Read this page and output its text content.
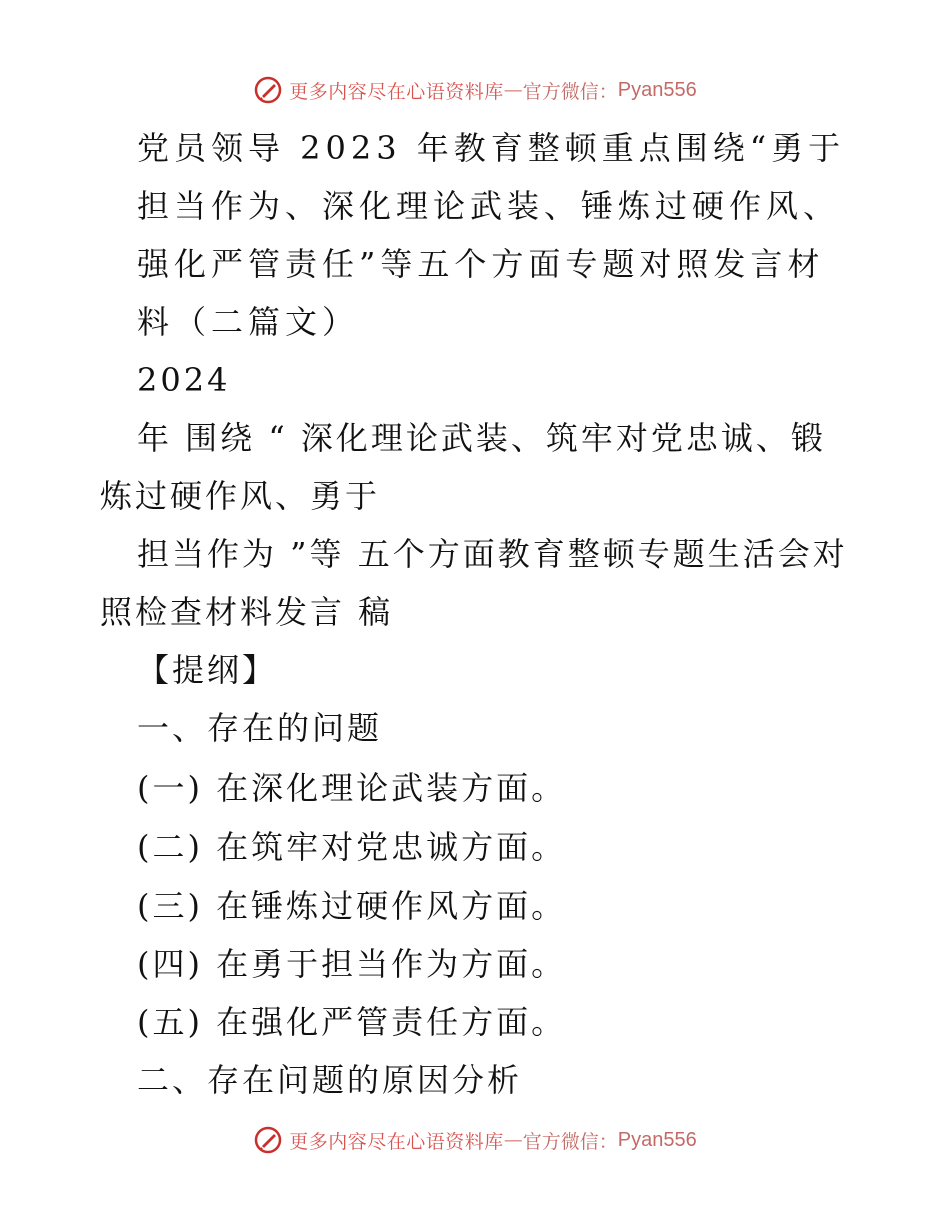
更多内容尽在心语资料库 — 官方微信： Pyan556
党员领导 2023 年教育整顿重点围绕“勇于
担当作为、深化理论武装、锤炼过硬作风、
强化严管责任”等五个方面专题对照发言材
料（二篇文）
2024
年 围绕 “ 深化理论武装、筑牢对党忠诚、锻
炼过硬作风、勇于
担当作为 ”等 五个方面教育整顿专题生活会对
照检查材料发言 稿
【提纲】
一、存在的问题
(一) 在深化理论武装方面。
(二) 在筑牢对党忠诚方面。
(三) 在锤炼过硬作风方面。
(四) 在勇于担当作为方面。
(五) 在强化严管责任方面。
二、存在问题的原因分析
更多内容尽在心语资料库 — 官方微信： Pyan556
